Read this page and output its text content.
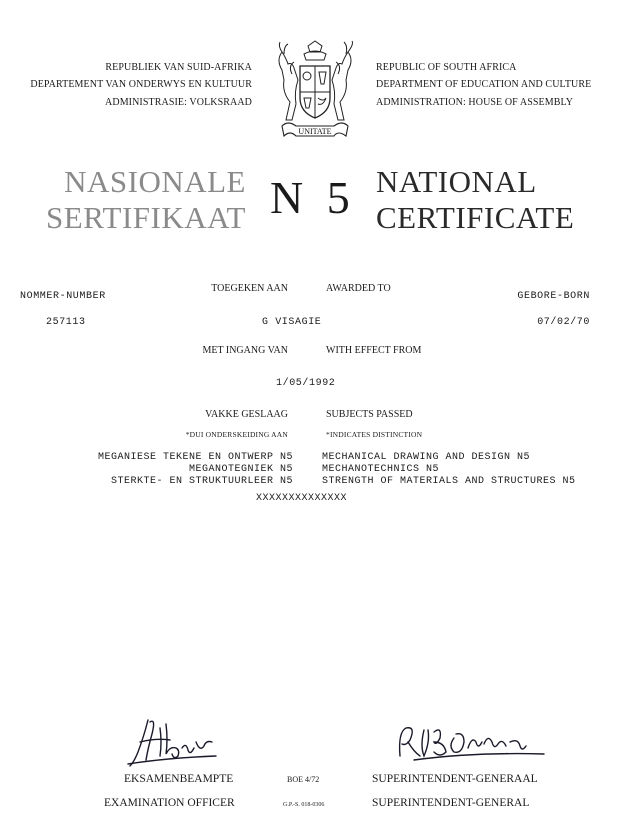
REPUBLIEK VAN SUID-AFRIKA
DEPARTEMENT VAN ONDERWYS EN KULTUUR
ADMINISTRASIE: VOLKSRAAD
REPUBLIC OF SOUTH AFRICA
DEPARTMENT OF EDUCATION AND CULTURE
ADMINISTRATION: HOUSE OF ASSEMBLY
UNITATE
NASIONALE
SERTIFIKAAT N 5 NATIONAL
CERTIFICATE
NOMMER-NUMBER
257113
TOEGEKEN AAN	AWARDED TO
G VISAGIE
GEBORE-BORN
07/02/70
MET INGANG VAN	WITH EFFECT FROM
1/05/1992
VAKKE GESLAAG	SUBJECTS PASSED
*DUI ONDERSKEIDING AAN	*INDICATES DISTINCTION
MEGANIESE TEKENE EN ONTWERP N5	MECHANICAL DRAWING AND DESIGN N5
MEGANOTEGNIEK N5	MECHANOTECHNICS N5
STERKTE- EN STRUKTUURLEER N5	STRENGTH OF MATERIALS AND STRUCTURES N5
XXXXXXXXXXXXXX
EKSAMENBEAMPTE
EXAMINATION OFFICER
BOE 4/72
G.P.-S. 018-0306
SUPERINTENDENT-GENERAAL
SUPERINTENDENT-GENERAL
